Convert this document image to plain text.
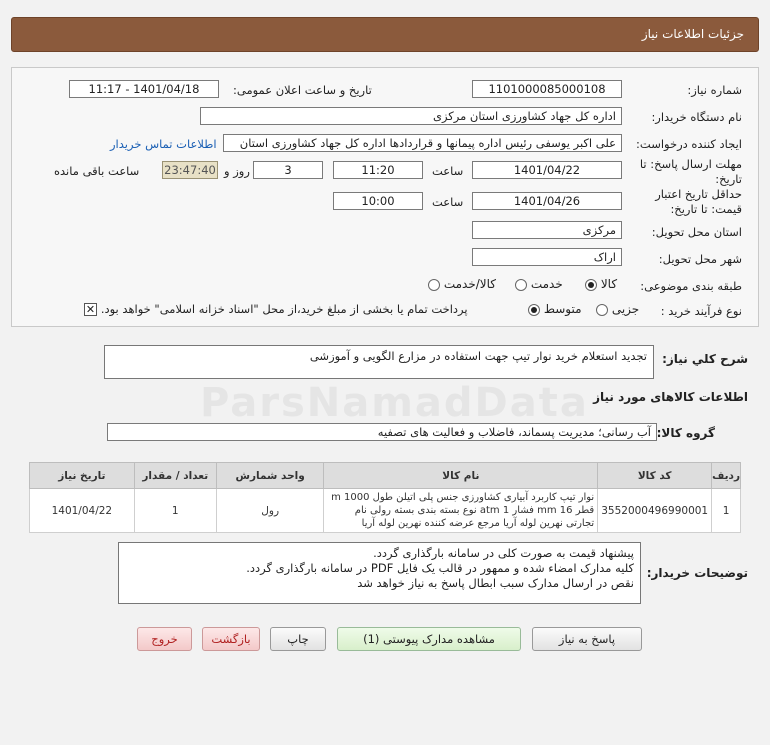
جزئیات اطلاعات نیاز
شماره نیاز:
1101000085000108
تاریخ و ساعت اعلان عمومی:
1401/04/18 - 11:17
نام دستگاه خریدار:
اداره کل جهاد کشاورزی استان مرکزی
ایجاد کننده درخواست:
علی اکبر یوسفی رئیس اداره پیمانها و قراردادها اداره کل جهاد کشاورزی استان
اطلاعات تماس خریدار
مهلت ارسال پاسخ: تا تاریخ:
1401/04/22
ساعت
11:20
3
روز و
23:47:40
ساعت باقی مانده
حداقل تاریخ اعتبار قیمت: تا تاریخ:
1401/04/26
ساعت
10:00
استان محل تحویل:
مرکزی
شهر محل تحویل:
اراک
طبقه بندی موضوعی:
کالا
خدمت
کالا/خدمت
نوع فرآیند خرید :
جزیی
متوسط
پرداخت تمام یا بخشی از مبلغ خرید،از محل "اسناد خزانه اسلامی" خواهد بود. ✕
شرح کلي نیاز:
تجدید استعلام خرید نوار تیپ جهت استفاده در مزارع الگویی و آموزشی
اطلاعات کالاهای مورد نیاز
گروه کالا:
آب رسانی؛ مدیریت پسماند، فاضلاب و فعالیت های تصفیه
ParsNamadData
ردیف	کد کالا	نام کالا	واحد شمارش	تعداد / مقدار	تاریخ نیاز
1	3552000496990001	نوار تیپ کاربرد آبیاری کشاورزی جنس پلی اتیلن طول m 1000
قطر mm 16 فشار atm 1 نوع بسته بندی بسته رولی نام
تجارتی نهرین لوله آریا مرجع عرضه کننده نهرین لوله آریا	رول	1	1401/04/22
توضیحات خریدار:
پیشنهاد قیمت به صورت کلی در سامانه بارگذاری گردد.
کلیه مدارک امضاء شده و ممهور در قالب یک فایل PDF در سامانه بارگذاری گردد.
نقص در ارسال مدارک سبب ابطال پاسخ به نیاز خواهد شد
پاسخ به نیاز
مشاهده مدارک پیوستی (1)
چاپ
بازگشت
خروج
